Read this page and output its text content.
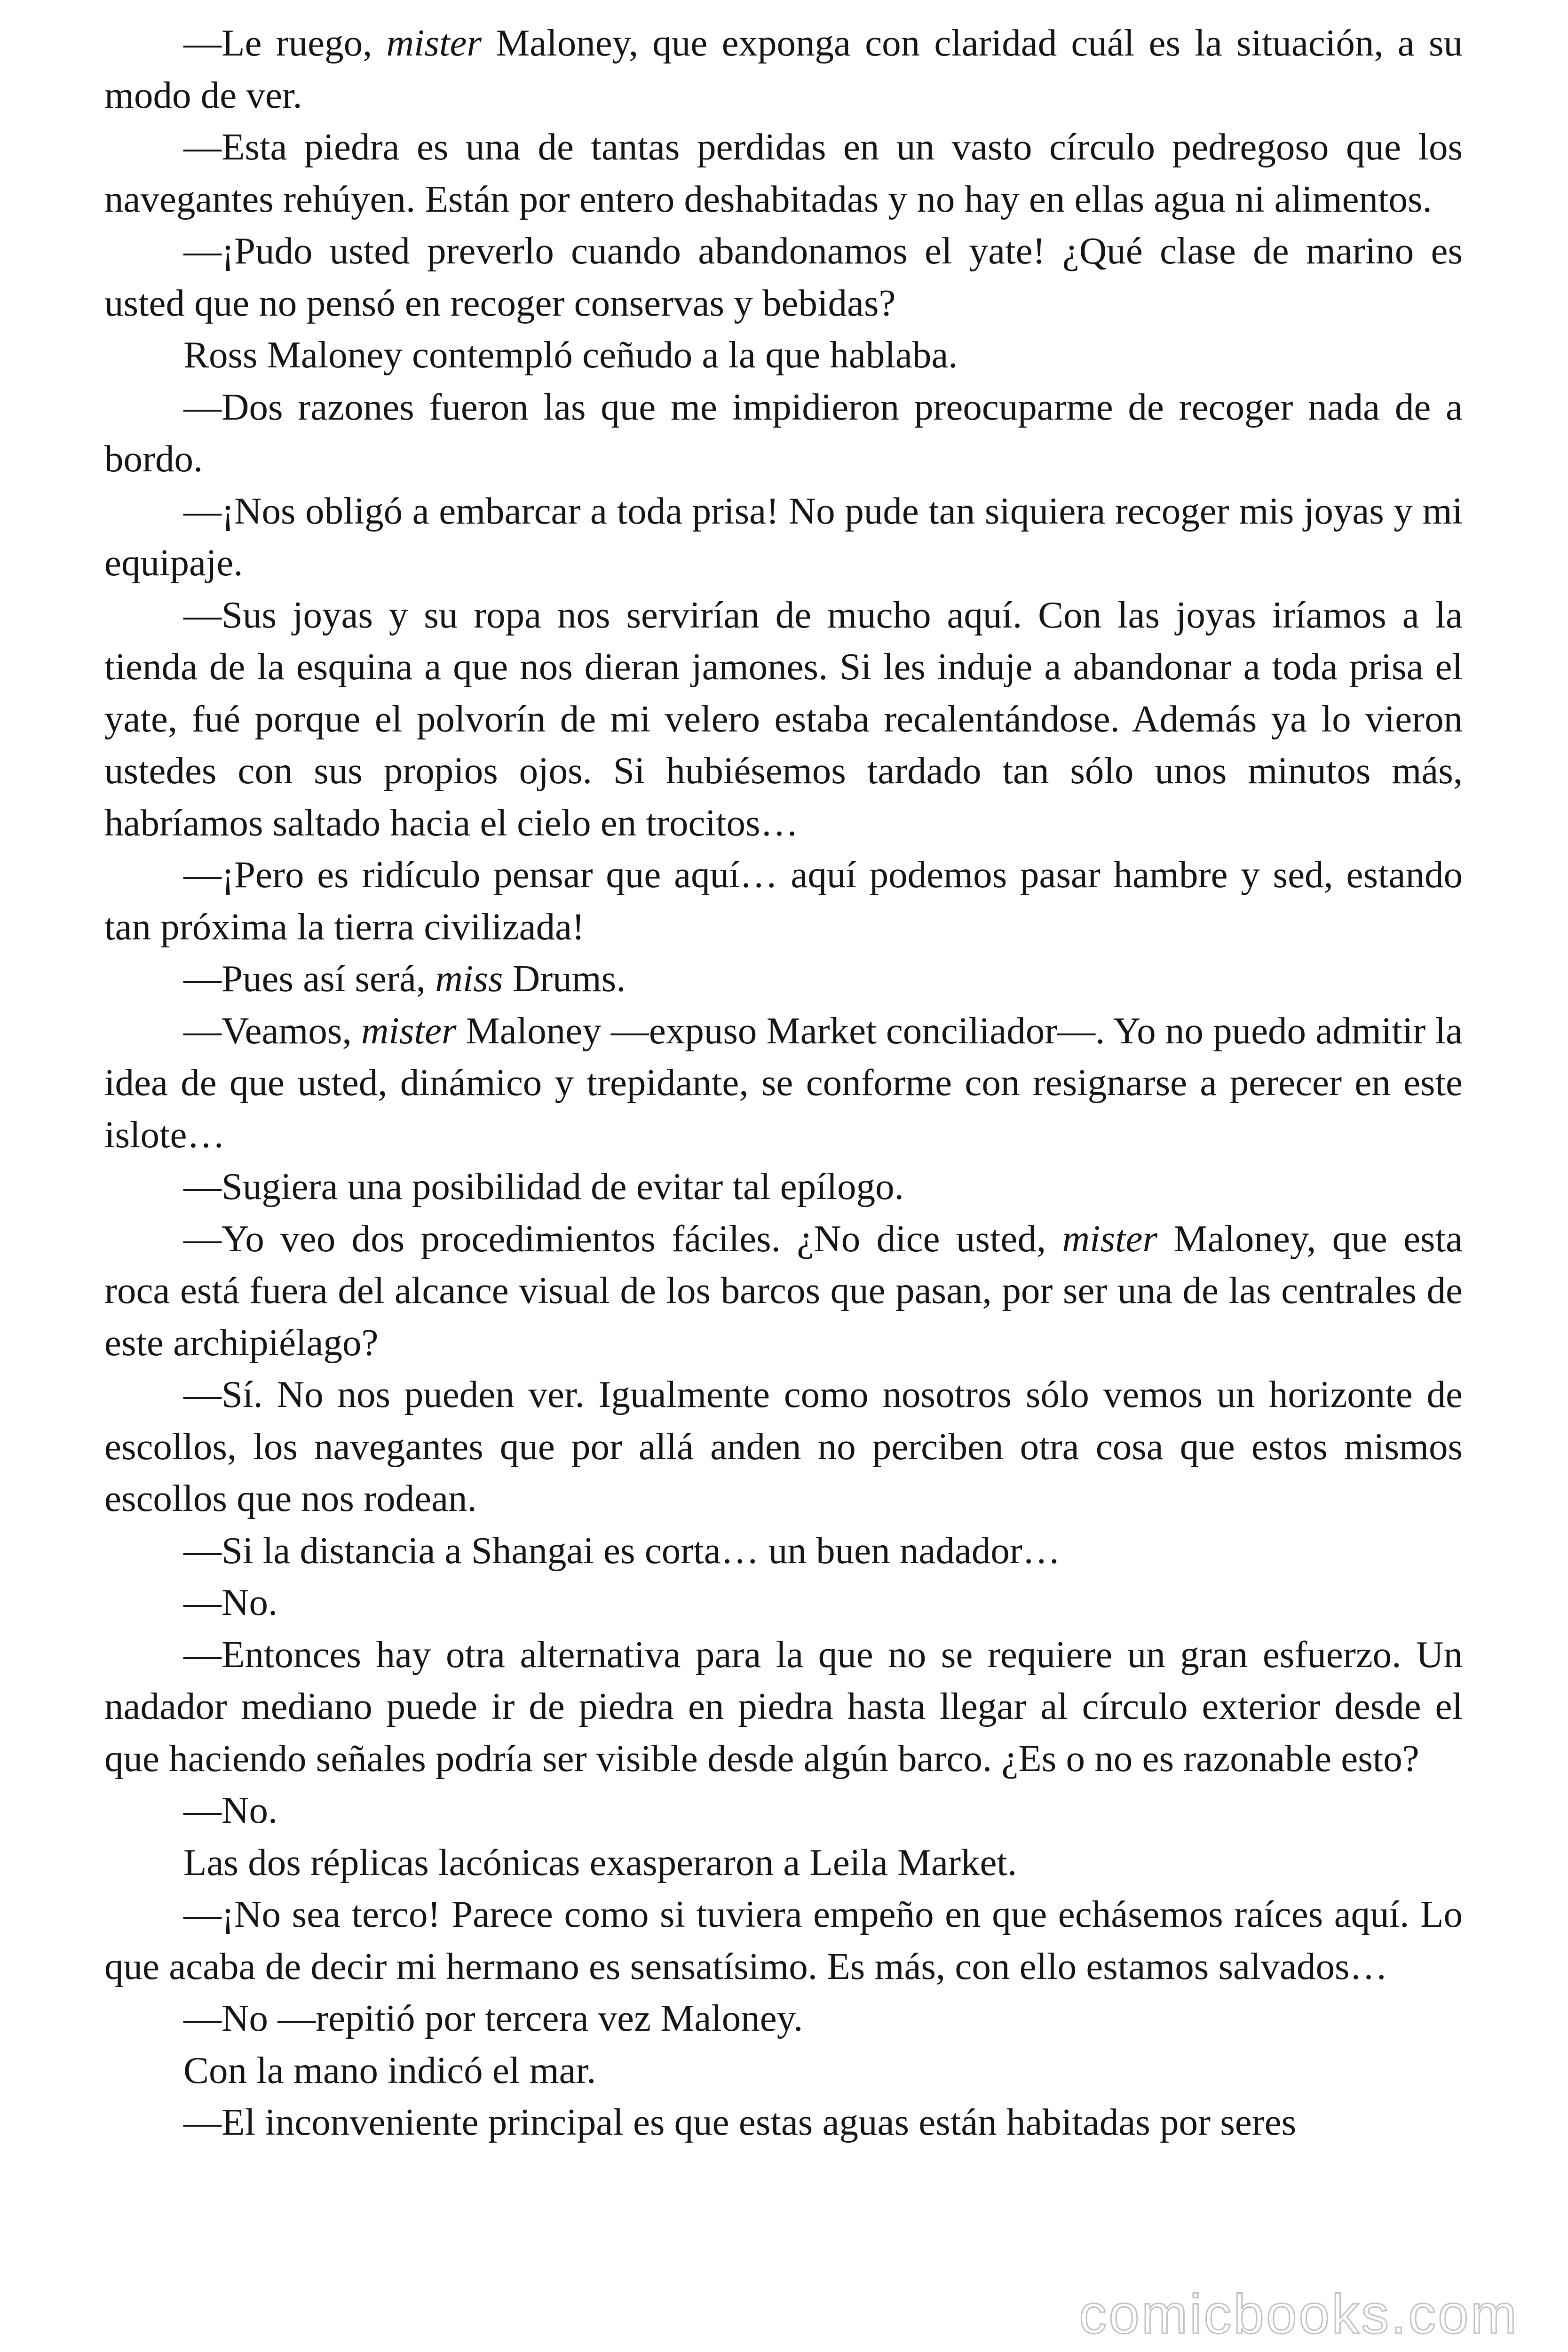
—Le ruego, mister Maloney, que exponga con claridad cuál es la situación, a su modo de ver.

—Esta piedra es una de tantas perdidas en un vasto círculo pedregoso que los navegantes rehúyen. Están por entero deshabitadas y no hay en ellas agua ni alimentos.

—¡Pudo usted preverlo cuando abandonamos el yate! ¿Qué clase de marino es usted que no pensó en recoger conservas y bebidas?

Ross Maloney contempló ceñudo a la que hablaba.

—Dos razones fueron las que me impidieron preocuparme de recoger nada de a bordo.

—¡Nos obligó a embarcar a toda prisa! No pude tan siquiera recoger mis joyas y mi equipaje.

—Sus joyas y su ropa nos servirían de mucho aquí. Con las joyas iríamos a la tienda de la esquina a que nos dieran jamones. Si les induje a abandonar a toda prisa el yate, fué porque el polvorín de mi velero estaba recalentándose. Además ya lo vieron ustedes con sus propios ojos. Si hubiésemos tardado tan sólo unos minutos más, habríamos saltado hacia el cielo en trocitos…

—¡Pero es ridículo pensar que aquí… aquí podemos pasar hambre y sed, estando tan próxima la tierra civilizada!

—Pues así será, miss Drums.

—Veamos, mister Maloney —expuso Market conciliador—. Yo no puedo admitir la idea de que usted, dinámico y trepidante, se conforme con resignarse a perecer en este islote…

—Sugiera una posibilidad de evitar tal epílogo.

—Yo veo dos procedimientos fáciles. ¿No dice usted, mister Maloney, que esta roca está fuera del alcance visual de los barcos que pasan, por ser una de las centrales de este archipiélago?

—Sí. No nos pueden ver. Igualmente como nosotros sólo vemos un horizonte de escollos, los navegantes que por allá anden no perciben otra cosa que estos mismos escollos que nos rodean.

—Si la distancia a Shangai es corta… un buen nadador…

—No.

—Entonces hay otra alternativa para la que no se requiere un gran esfuerzo. Un nadador mediano puede ir de piedra en piedra hasta llegar al círculo exterior desde el que haciendo señales podría ser visible desde algún barco. ¿Es o no es razonable esto?

—No.

Las dos réplicas lacónicas exasperaron a Leila Market.

—¡No sea terco! Parece como si tuviera empeño en que echásemos raíces aquí. Lo que acaba de decir mi hermano es sensatísimo. Es más, con ello estamos salvados…

—No —repitió por tercera vez Maloney.

Con la mano indicó el mar.

—El inconveniente principal es que estas aguas están habitadas por seres

comicbooks.com
